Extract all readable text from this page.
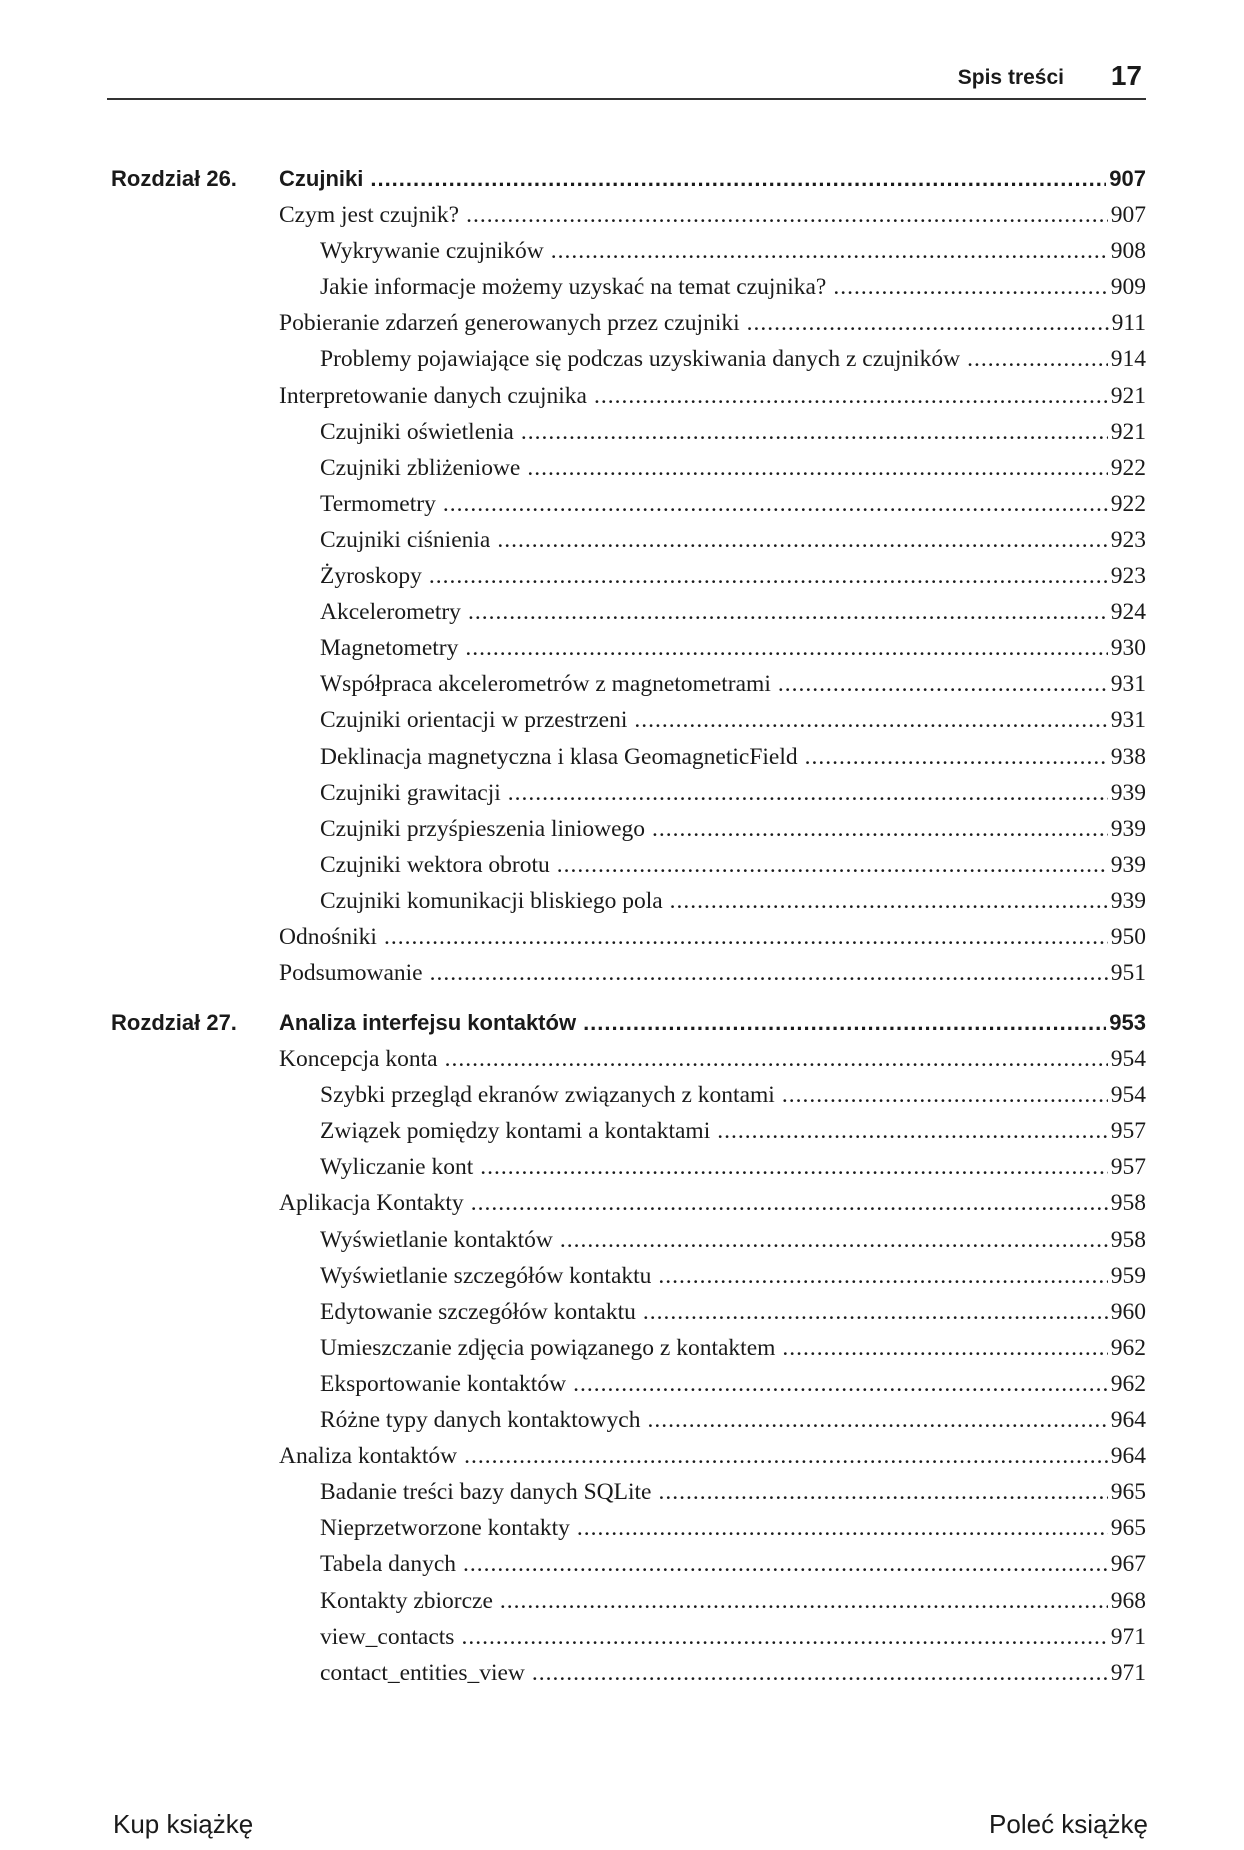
Spis treści 17
Rozdział 26.	Czujniki .....	907
Czym jest czujnik? .....	907
Wykrywanie czujników .....	908
Jakie informacje możemy uzyskać na temat czujnika? .....	909
Pobieranie zdarzeń generowanych przez czujniki .....	911
Problemy pojawiające się podczas uzyskiwania danych z czujników .....	914
Interpretowanie danych czujnika .....	921
Czujniki oświetlenia .....	921
Czujniki zbliżeniowe .....	922
Termometry .....	922
Czujniki ciśnienia .....	923
Żyroskopy .....	923
Akcelerometry .....	924
Magnetometry .....	930
Współpraca akcelerometrów z magnetometrami .....	931
Czujniki orientacji w przestrzeni .....	931
Deklinacja magnetyczna i klasa GeomagneticField .....	938
Czujniki grawitacji .....	939
Czujniki przyśpieszenia liniowego .....	939
Czujniki wektora obrotu .....	939
Czujniki komunikacji bliskiego pola .....	939
Odnośniki .....	950
Podsumowanie .....	951
Rozdział 27.	Analiza interfejsu kontaktów .....	953
Koncepcja konta .....	954
Szybki przegląd ekranów związanych z kontami .....	954
Związek pomiędzy kontami a kontaktami .....	957
Wyliczanie kont .....	957
Aplikacja Kontakty .....	958
Wyświetlanie kontaktów .....	958
Wyświetlanie szczegółów kontaktu .....	959
Edytowanie szczegółów kontaktu .....	960
Umieszczanie zdjęcia powiązanego z kontaktem .....	962
Eksportowanie kontaktów .....	962
Różne typy danych kontaktowych .....	964
Analiza kontaktów .....	964
Badanie treści bazy danych SQLite .....	965
Nieprzetworzone kontakty .....	965
Tabela danych .....	967
Kontakty zbiorcze .....	968
view_contacts .....	971
contact_entities_view .....	971
Kup książkę	Poleć książkę
